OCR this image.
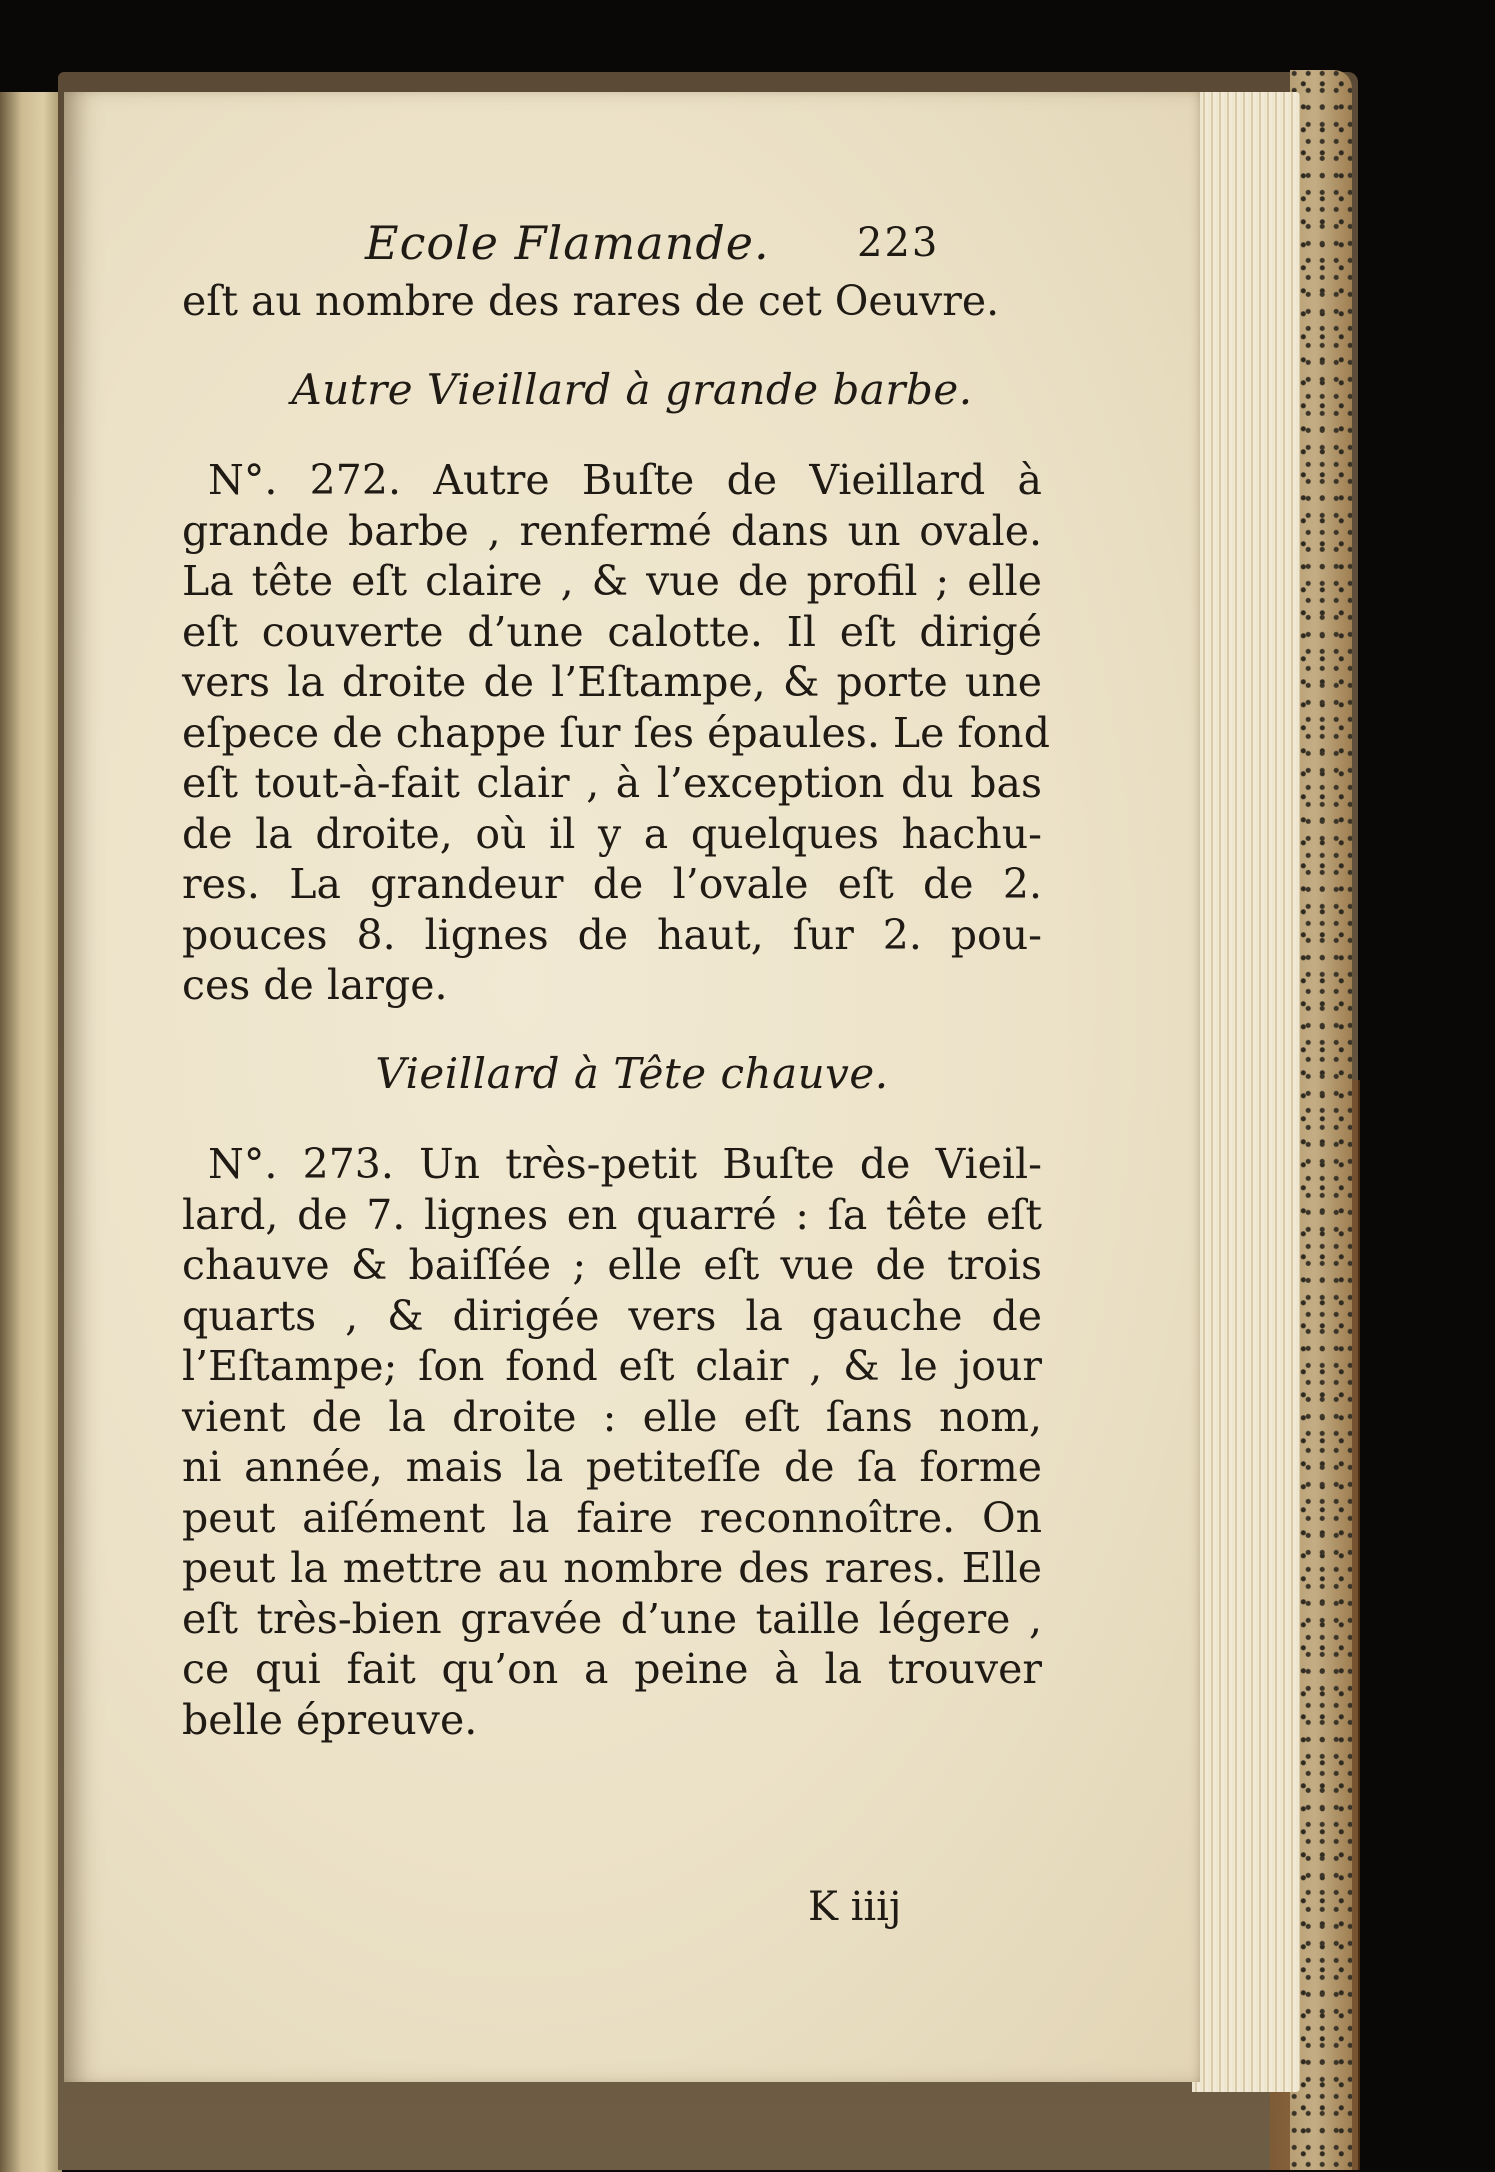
Ecole Flamande. 223

eſt au nombre des rares de cet Oeuvre.

Autre Vieillard à grande barbe.
N°. 272. Autre Buſte de Vieillard à
grande barbe , renfermé dans un ovale.
La tête eſt claire , & vue de profil ; elle
eſt couverte d’une calotte. Il eſt dirigé
vers la droite de l’Eſtampe, & porte une
eſpece de chappe ſur ſes épaules. Le fond
eſt tout-à-fait clair , à l’exception du bas
de la droite, où il y a quelques hachu-
res. La grandeur de l’ovale eſt de 2.
pouces 8. lignes de haut, ſur 2. pou-
ces de large.
Vieillard à Tête chauve.
N°. 273. Un très-petit Buſte de Vieil-
lard, de 7. lignes en quarré : ſa tête eſt
chauve & baiſſée ; elle eſt vue de trois
quarts , & dirigée vers la gauche de
l’Eſtampe; ſon fond eſt clair , & le jour
vient de la droite : elle eſt ſans nom,
ni année, mais la petiteſſe de ſa forme
peut aiſément la faire reconnoître. On
peut la mettre au nombre des rares. Elle
eſt très-bien gravée d’une taille légere ,
ce qui fait qu’on a peine à la trouver
belle épreuve.
K iiij
